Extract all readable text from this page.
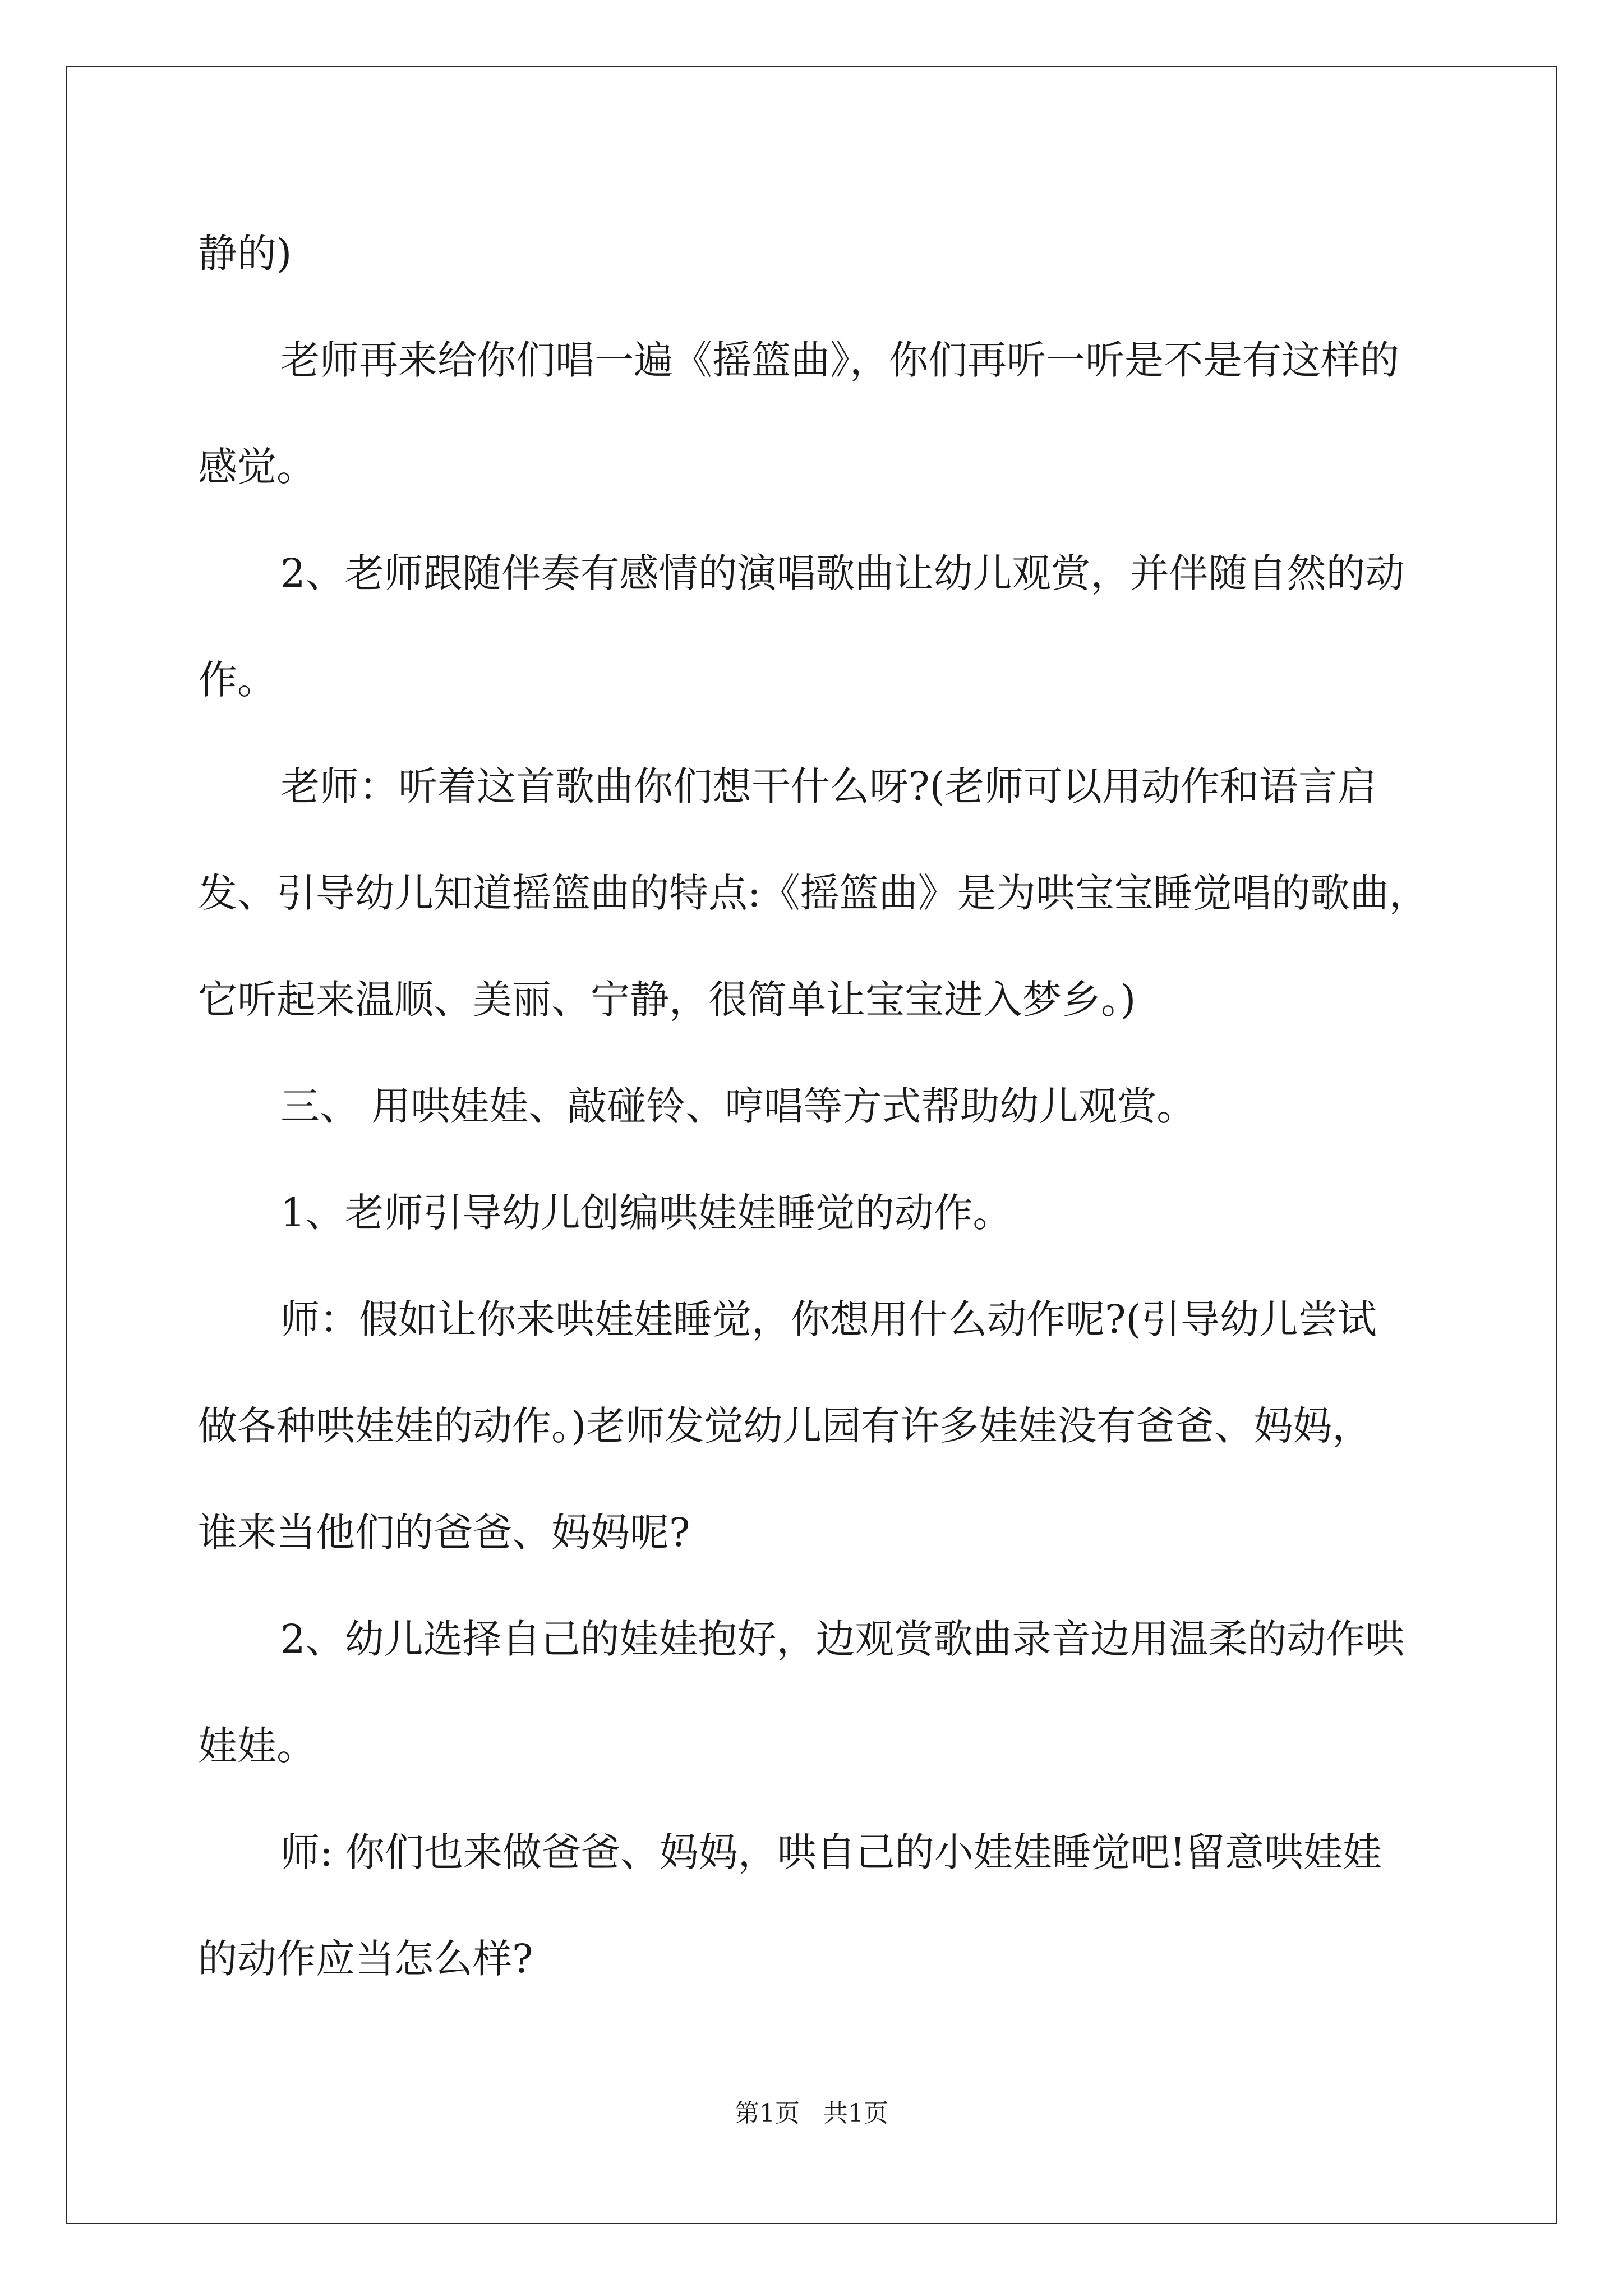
静的)

老师再来给你们唱一遍《摇篮曲》，你们再听一听是不是有这样的

感觉。

2、老师跟随伴奏有感情的演唱歌曲让幼儿观赏，并伴随自然的动

作。

老师：听着这首歌曲你们想干什么呀?(老师可以用动作和语言启

发、引导幼儿知道摇篮曲的特点:《摇篮曲》是为哄宝宝睡觉唱的歌曲，

它听起来温顺、美丽、宁静，很简单让宝宝进入梦乡。)

三、 用哄娃娃、敲碰铃、哼唱等方式帮助幼儿观赏。

1、老师引导幼儿创编哄娃娃睡觉的动作。

师：假如让你来哄娃娃睡觉，你想用什么动作呢?(引导幼儿尝试

做各种哄娃娃的动作。)老师发觉幼儿园有许多娃娃没有爸爸、妈妈，

谁来当他们的爸爸、妈妈呢?

2、幼儿选择自己的娃娃抱好，边观赏歌曲录音边用温柔的动作哄

娃娃。

师: 你们也来做爸爸、妈妈，哄自己的小娃娃睡觉吧!留意哄娃娃

的动作应当怎么样?

第1页   共1页
